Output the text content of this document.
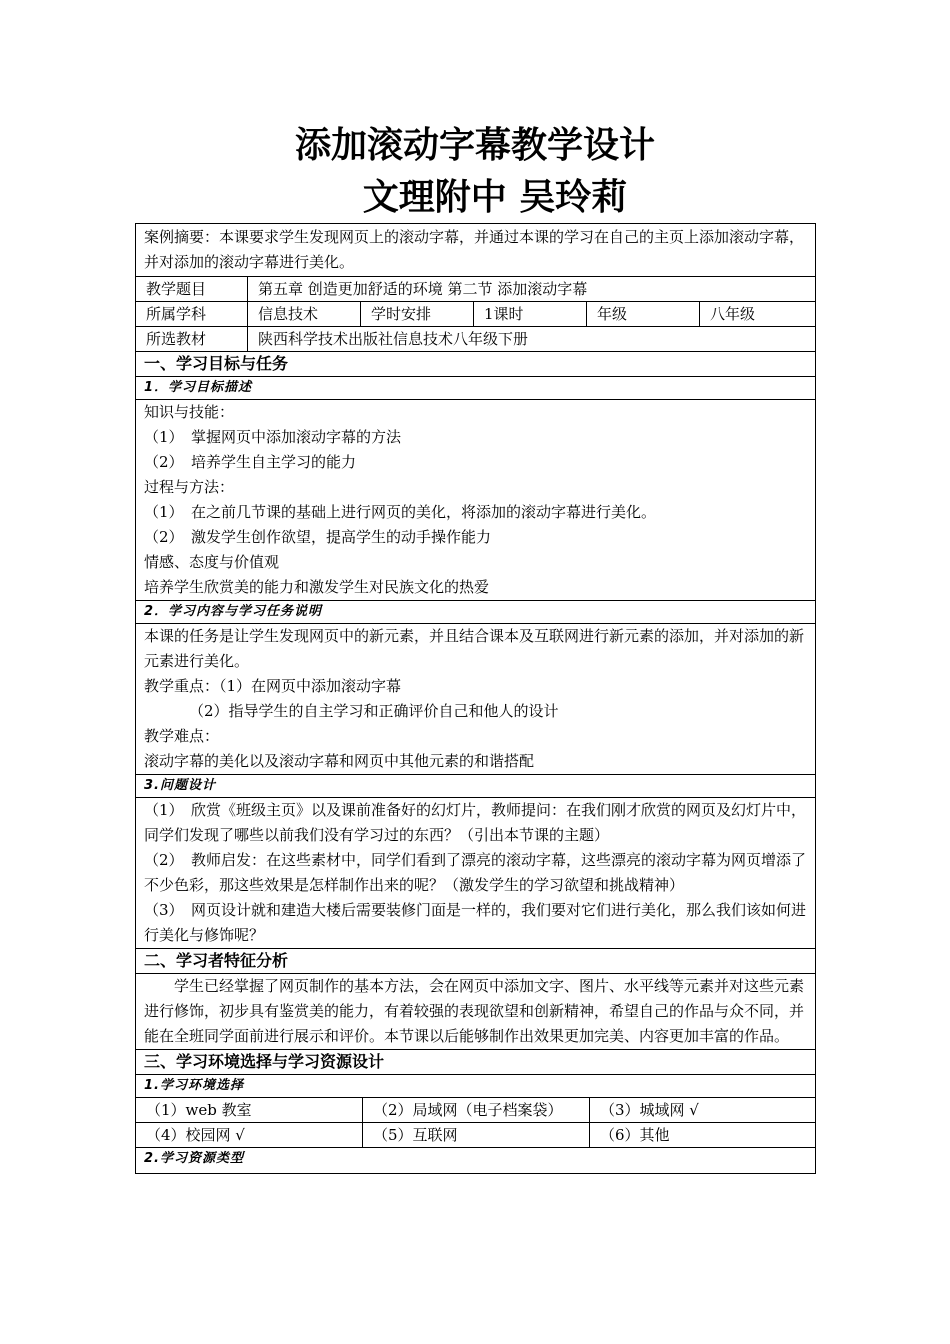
添加滚动字幕教学设计
文理附中 吴玲莉
案例摘要：本课要求学生发现网页上的滚动字幕，并通过本课的学习在自己的主页上添加滚动字幕，并对添加的滚动字幕进行美化。
教学题目	第五章 创造更加舒适的环境 第二节 添加滚动字幕
所属学科	信息技术	学时安排	1课时	年级	八年级
所选教材	陕西科学技术出版社信息技术八年级下册
一、学习目标与任务
1．学习目标描述
知识与技能：
（1）　掌握网页中添加滚动字幕的方法
（2）　培养学生自主学习的能力
过程与方法：
（1）　在之前几节课的基础上进行网页的美化，将添加的滚动字幕进行美化。
（2）　激发学生创作欲望，提高学生的动手操作能力
情感、态度与价值观
培养学生欣赏美的能力和激发学生对民族文化的热爱
2．学习内容与学习任务说明
本课的任务是让学生发现网页中的新元素，并且结合课本及互联网进行新元素的添加，并对添加的新元素进行美化。
教学重点：（1）在网页中添加滚动字幕
（2）指导学生的自主学习和正确评价自己和他人的设计
教学难点：
滚动字幕的美化以及滚动字幕和网页中其他元素的和谐搭配
3.问题设计
（1）　欣赏《班级主页》以及课前准备好的幻灯片，教师提问：在我们刚才欣赏的网页及幻灯片中，同学们发现了哪些以前我们没有学习过的东西？（引出本节课的主题）
（2）　教师启发：在这些素材中，同学们看到了漂亮的滚动字幕，这些漂亮的滚动字幕为网页增添了不少色彩，那这些效果是怎样制作出来的呢？（激发学生的学习欲望和挑战精神）
（3）　网页设计就和建造大楼后需要装修门面是一样的，我们要对它们进行美化，那么我们该如何进行美化与修饰呢？
二、学习者特征分析
学生已经掌握了网页制作的基本方法，会在网页中添加文字、图片、水平线等元素并对这些元素进行修饰，初步具有鉴赏美的能力，有着较强的表现欲望和创新精神，希望自己的作品与众不同，并能在全班同学面前进行展示和评价。本节课以后能够制作出效果更加完美、内容更加丰富的作品。
三、学习环境选择与学习资源设计
1.学习环境选择
（1）web 教室	（2）局域网（电子档案袋）	（3）城域网 √
（4）校园网 √	（5）互联网	（6）其他
2.学习资源类型
